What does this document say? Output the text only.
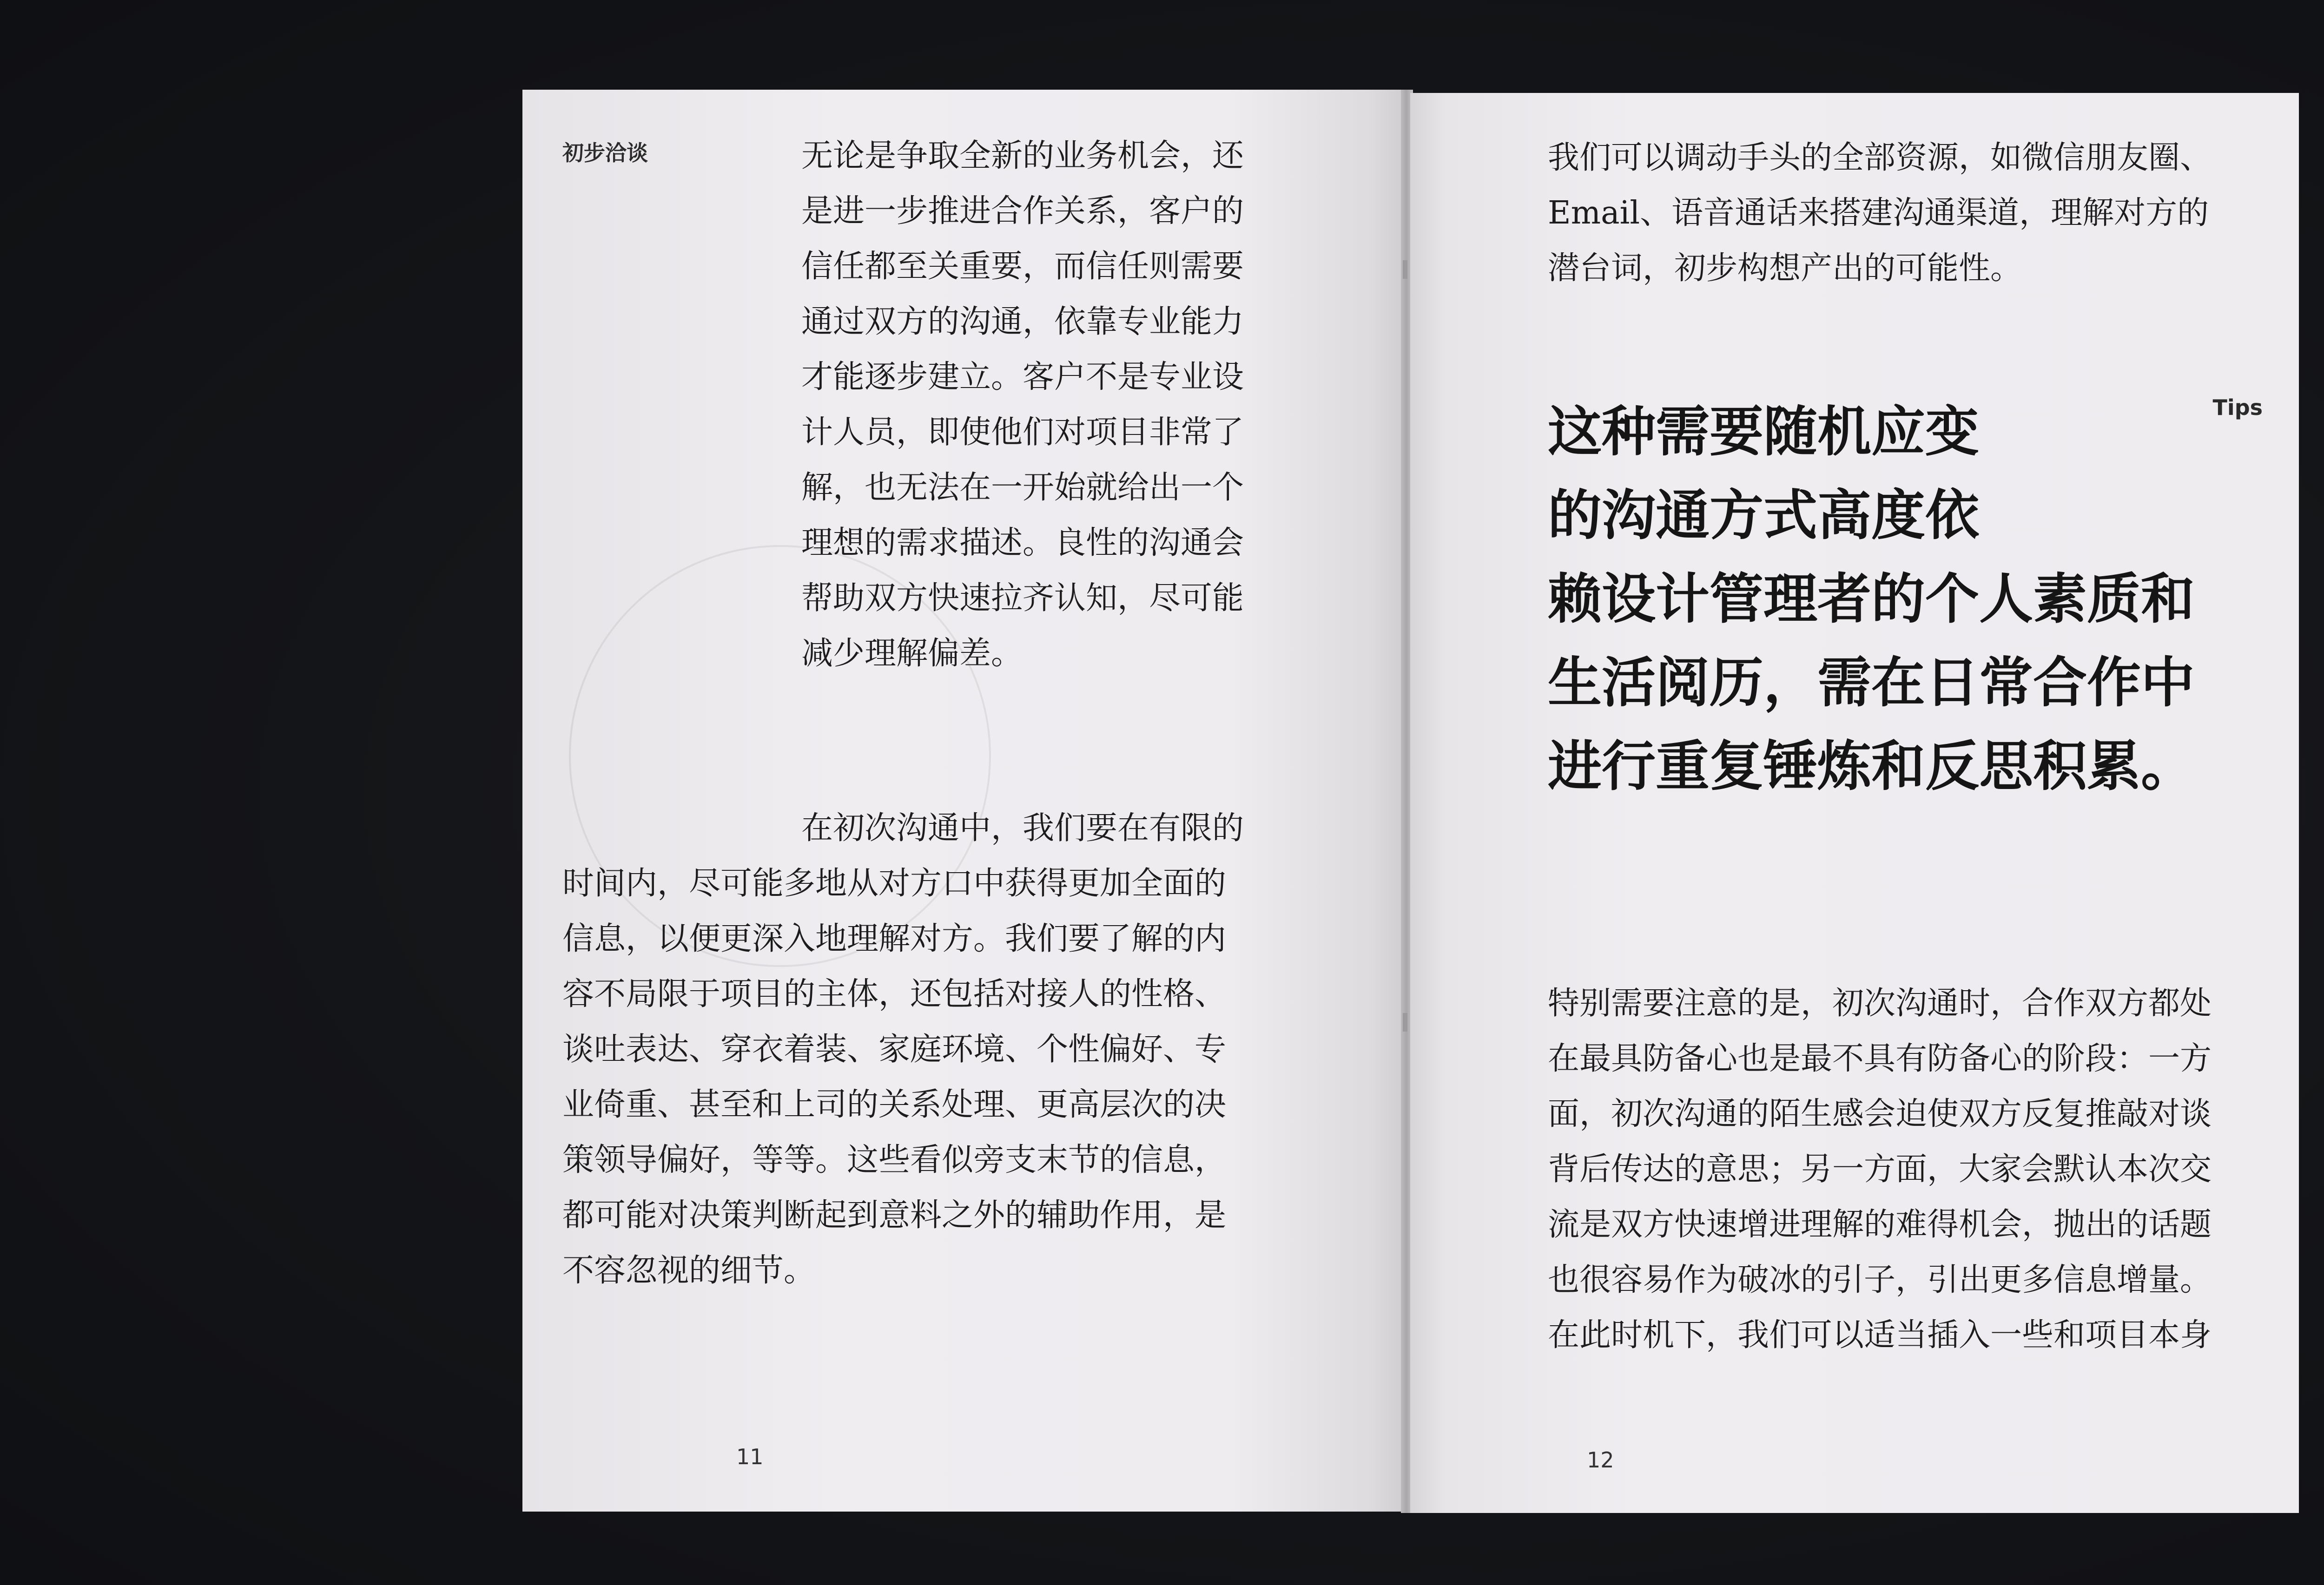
初步洽谈	无论是争取全新的业务机会，还
是进一步推进合作关系，客户的
信任都至关重要，而信任则需要
通过双方的沟通，依靠专业能力
才能逐步建立。客户不是专业设
计人员，即使他们对项目非常了
解，也无法在一开始就给出一个
理想的需求描述。良性的沟通会
帮助双方快速拉齐认知，尽可能
减少理解偏差。

在初次沟通中，我们要在有限的
时间内，尽可能多地从对方口中获得更加全面的
信息，以便更深入地理解对方。我们要了解的内
容不局限于项目的主体，还包括对接人的性格、
谈吐表达、穿衣着装、家庭环境、个性偏好、专
业倚重、甚至和上司的关系处理、更高层次的决
策领导偏好，等等。这些看似旁支末节的信息，
都可能对决策判断起到意料之外的辅助作用，是
不容忽视的细节。

11

我们可以调动手头的全部资源，如微信朋友圈、
Email、语音通话来搭建沟通渠道，理解对方的
潜台词，初步构想产出的可能性。

Tips

这种需要随机应变
的沟通方式高度依
赖设计管理者的个人素质和
生活阅历，需在日常合作中
进行重复锤炼和反思积累。

特别需要注意的是，初次沟通时，合作双方都处
在最具防备心也是最不具有防备心的阶段：一方
面，初次沟通的陌生感会迫使双方反复推敲对谈
背后传达的意思；另一方面，大家会默认本次交
流是双方快速增进理解的难得机会，抛出的话题
也很容易作为破冰的引子，引出更多信息增量。
在此时机下，我们可以适当插入一些和项目本身

12
